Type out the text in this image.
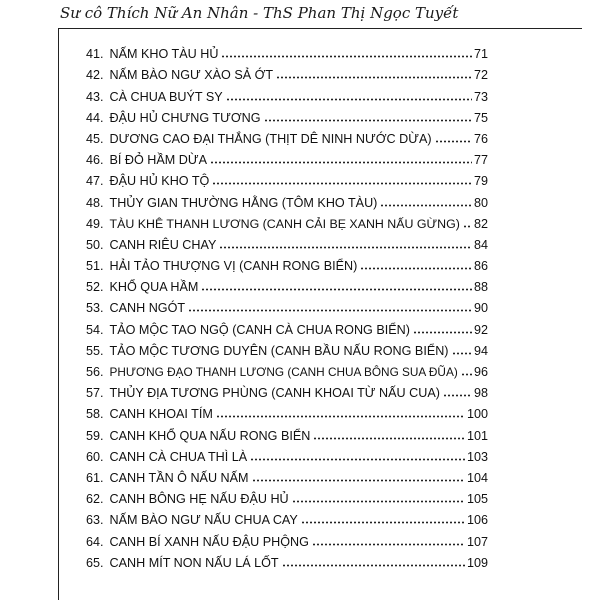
Sư cô Thích Nữ An Nhân - ThS Phan Thị Ngọc Tuyết
41. NẤM KHO TÀU HỦ	71
42. NẤM BÀO NGƯ XÀO SẢ ỚT	72
43. CÀ CHUA BUÝT SY	73
44. ĐẬU HỦ CHƯNG TƯƠNG	75
45. DƯƠNG CAO ĐẠI THẮNG (THỊT DÊ NINH NƯỚC DỪA)	76
46. BÍ ĐỎ HẦM DỪA	77
47. ĐẬU HỦ KHO TỘ	79
48. THỦY GIAN THƯỜNG HẰNG (TÔM KHO TÀU)	80
49. TÀU KHÊ THANH LƯƠNG (CANH CẢI BẸ XANH NẤU GỪNG) 82
50. CANH RIÊU CHAY	84
51. HẢI TẢO THƯỢNG VỊ (CANH RONG BIỂN)	86
52. KHỔ QUA HẦM	88
53. CANH NGÓT	90
54. TẢO MỘC TAO NGỘ (CANH CÀ CHUA RONG BIỂN)	92
55. TẢO MỘC TƯƠNG DUYÊN (CANH BẦU NẤU RONG BIỂN) 94
56. PHƯƠNG ĐẠO THANH LƯƠNG (CANH CHUA BÔNG SUA ĐŨA) 96
57. THỦY ĐỊA TƯƠNG PHÙNG (CANH KHOAI TỪ NẤU CUA)	98
58. CANH KHOAI TÍM	100
59. CANH KHỔ QUA NẤU RONG BIỂN	101
60. CANH CÀ CHUA THÌ LÀ	103
61. CANH TẦN Ô NẤU NẤM	104
62. CANH BÔNG HẸ NẤU ĐẬU HỦ	105
63. NẤM BÀO NGƯ NẤU CHUA CAY	106
64. CANH BÍ XANH NẤU ĐẬU PHỘNG	107
65. CANH MÍT NON NẤU LÁ LỐT	109
